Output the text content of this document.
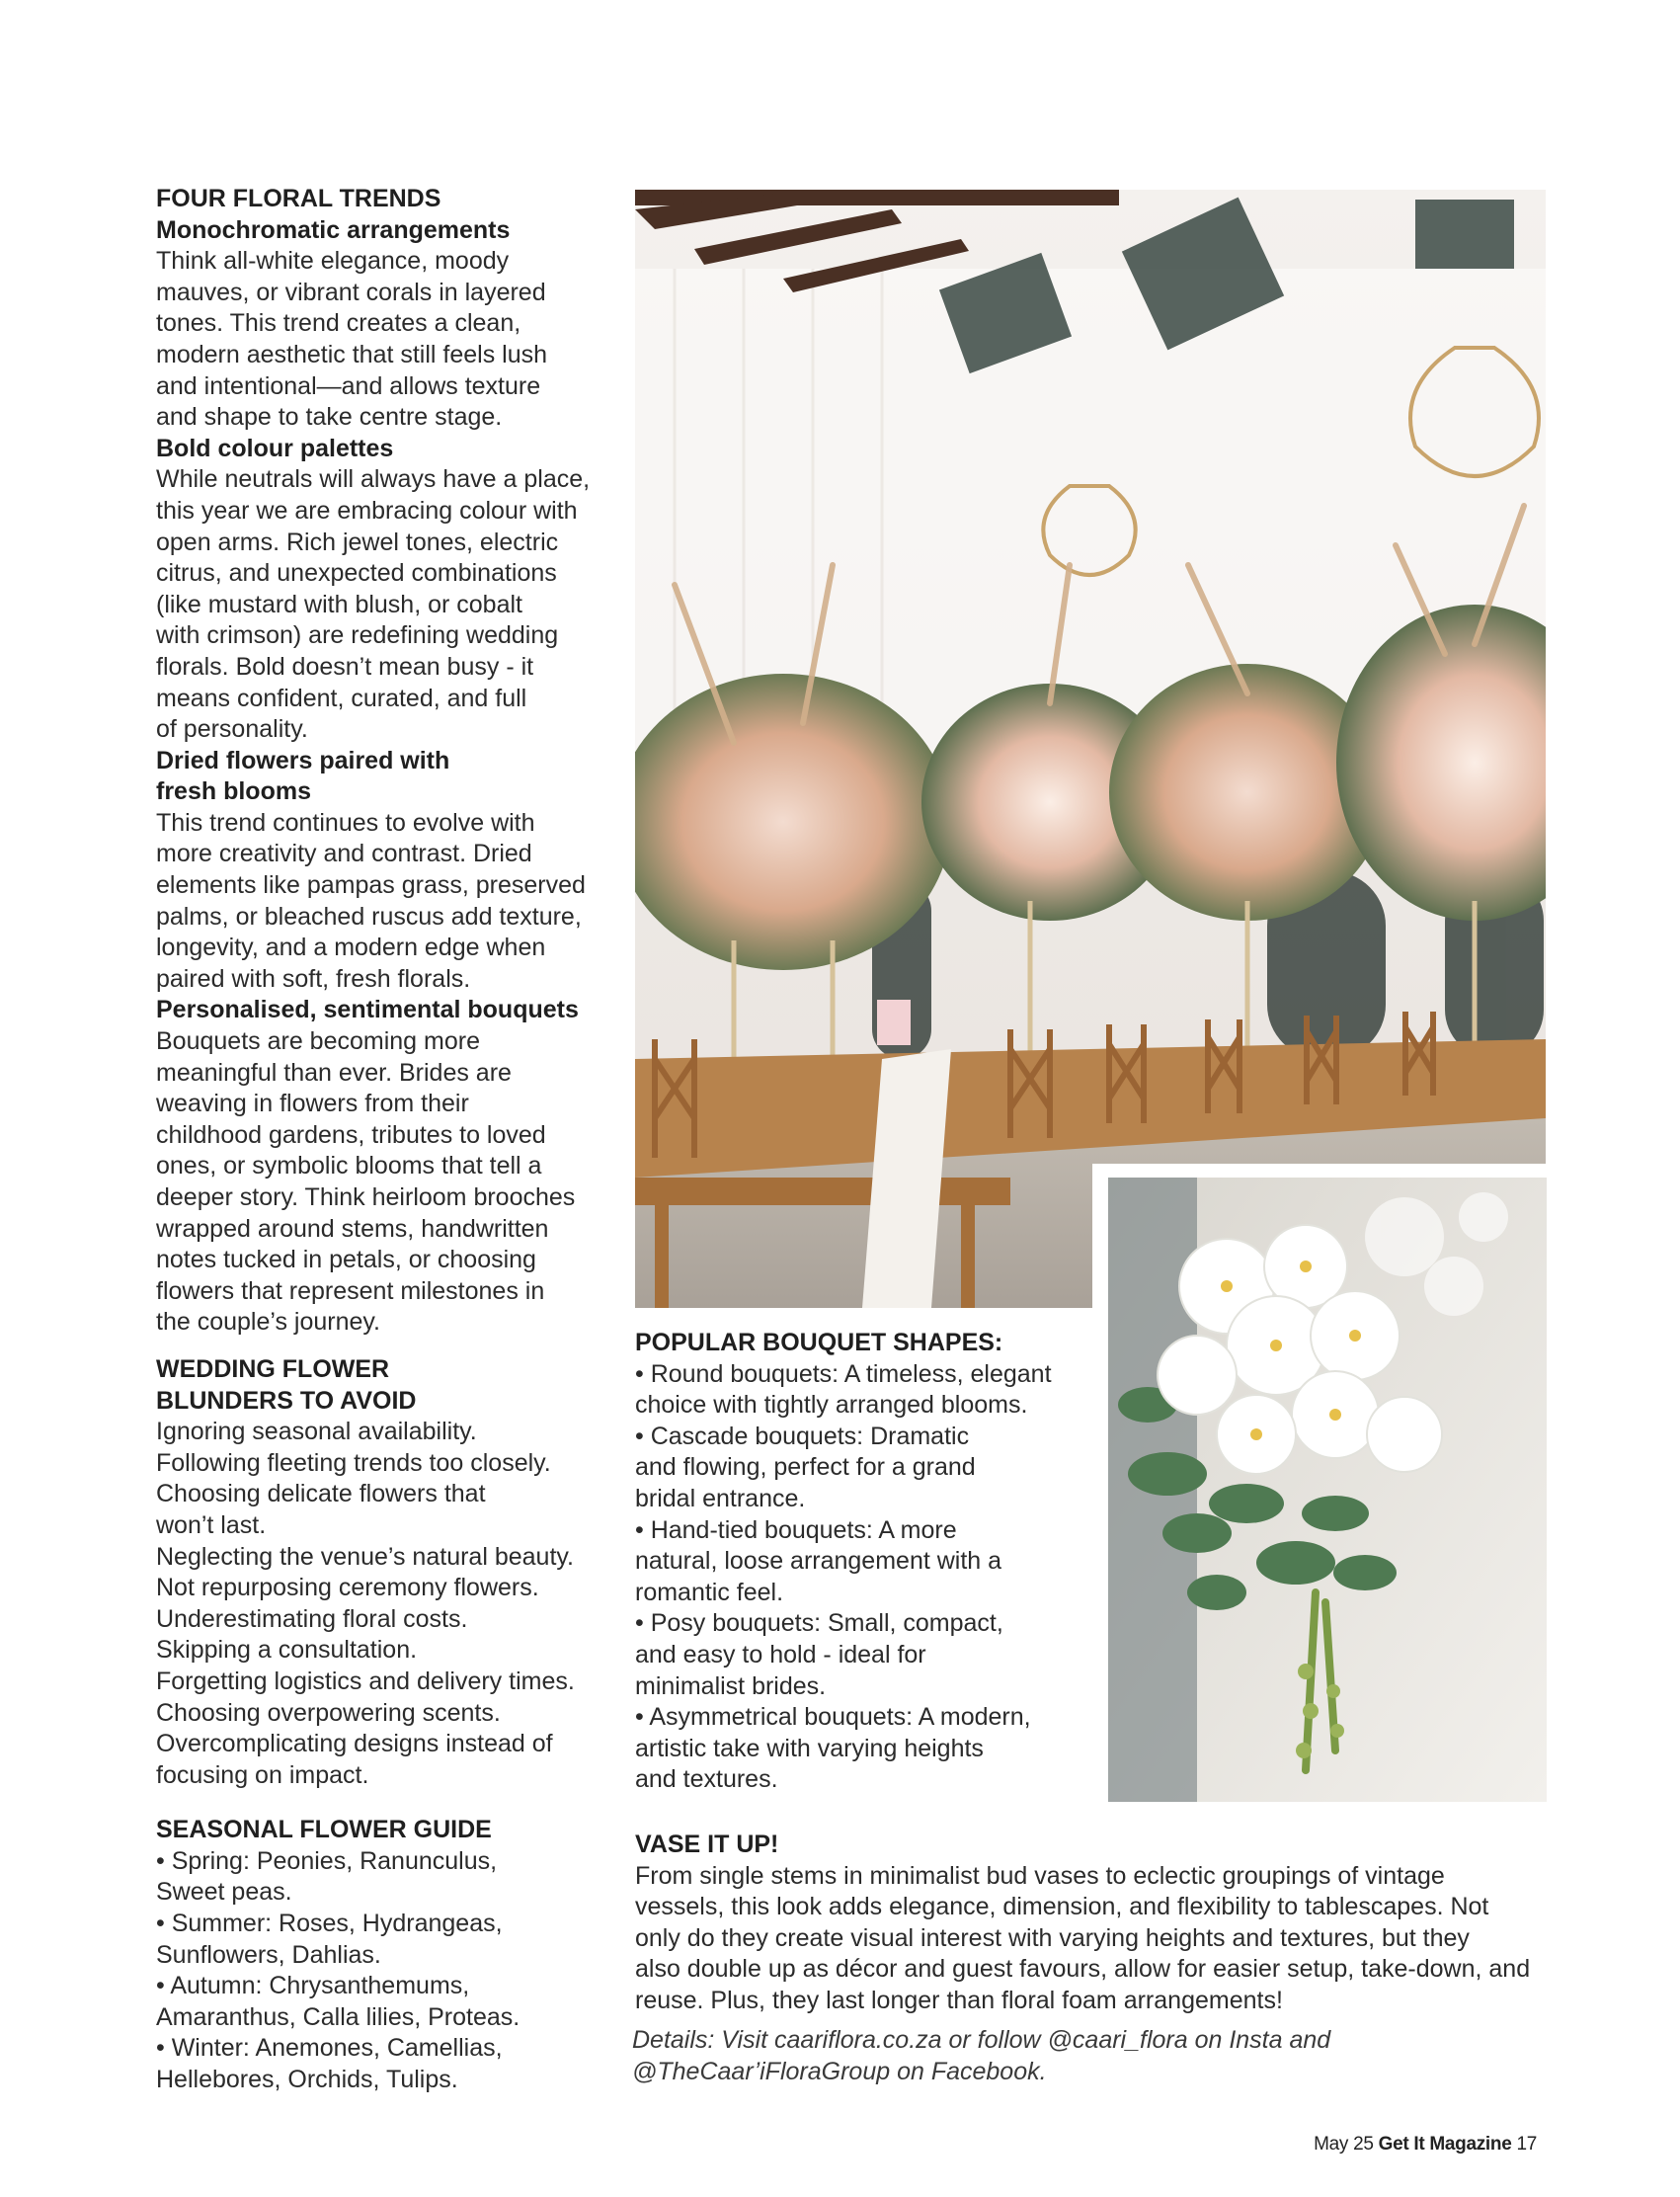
FOUR FLORAL TRENDS
Monochromatic arrangements
Think all-white elegance, moody
mauves, or vibrant corals in layered
tones. This trend creates a clean,
modern aesthetic that still feels lush
and intentional—and allows texture
and shape to take centre stage.
Bold colour palettes
While neutrals will always have a place,
this year we are embracing colour with
open arms. Rich jewel tones, electric
citrus, and unexpected combinations
(like mustard with blush, or cobalt
with crimson) are redefining wedding
florals. Bold doesn’t mean busy - it
means confident, curated, and full
of personality.
Dried flowers paired with
fresh blooms
This trend continues to evolve with
more creativity and contrast. Dried
elements like pampas grass, preserved
palms, or bleached ruscus add texture,
longevity, and a modern edge when
paired with soft, fresh florals.
Personalised, sentimental bouquets
Bouquets are becoming more
meaningful than ever. Brides are
weaving in flowers from their
childhood gardens, tributes to loved
ones, or symbolic blooms that tell a
deeper story. Think heirloom brooches
wrapped around stems, handwritten
notes tucked in petals, or choosing
flowers that represent milestones in
the couple’s journey.
WEDDING FLOWER
BLUNDERS TO AVOID
Ignoring seasonal availability.
Following fleeting trends too closely.
Choosing delicate flowers that
won’t last.
Neglecting the venue’s natural beauty.
Not repurposing ceremony flowers.
Underestimating floral costs.
Skipping a consultation.
Forgetting logistics and delivery times.
Choosing overpowering scents.
Overcomplicating designs instead of
focusing on impact.
SEASONAL FLOWER GUIDE
• Spring: Peonies, Ranunculus,
Sweet peas.
• Summer: Roses, Hydrangeas,
Sunflowers, Dahlias.
• Autumn: Chrysanthemums,
Amaranthus, Calla lilies, Proteas.
• Winter: Anemones, Camellias,
Hellebores, Orchids, Tulips.
POPULAR BOUQUET SHAPES:
• Round bouquets: A timeless, elegant
choice with tightly arranged blooms.
• Cascade bouquets: Dramatic
and flowing, perfect for a grand
bridal entrance.
• Hand-tied bouquets: A more
natural, loose arrangement with a
romantic feel.
• Posy bouquets: Small, compact,
and easy to hold - ideal for
minimalist brides.
• Asymmetrical bouquets: A modern,
artistic take with varying heights
and textures.
VASE IT UP!
From single stems in minimalist bud vases to eclectic groupings of vintage
vessels, this look adds elegance, dimension, and flexibility to tablescapes. Not
only do they create visual interest with varying heights and textures, but they
also double up as décor and guest favours, allow for easier setup, take-down, and
reuse. Plus, they last longer than floral foam arrangements!
Details: Visit caariflora.co.za or follow @caari_flora on Insta and
@TheCaar’iFloraGroup on Facebook.
May 25 Get It Magazine 17
